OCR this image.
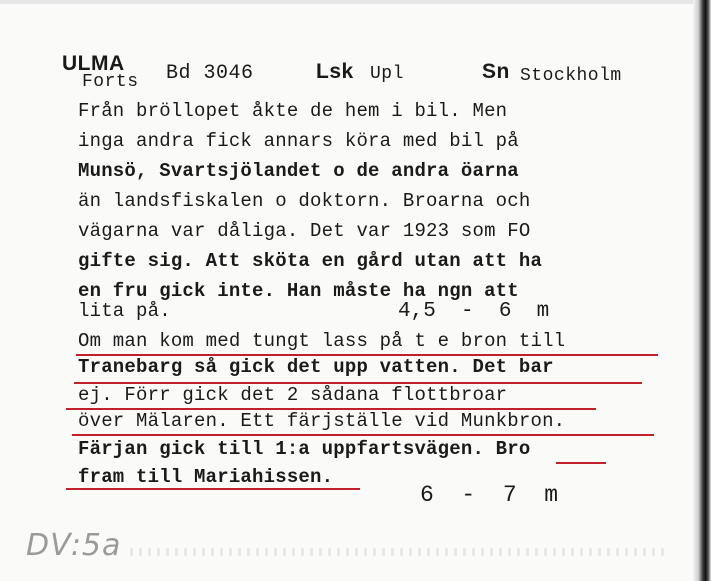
ULMA
Forts Bd 3046	Lsk Upl	Sn Stockholm
Från bröllopet åkte de hem i bil. Men
inga andra fick annars köra med bil på
Munsö, Svartsjölandet o de andra öarna
än landsfiskalen o doktorn. Broarna och
vägarna var dåliga. Det var 1923 som FO
gifte sig. Att sköta en gård utan att ha
en fru gick inte. Han måste ha ngn att
lita på.	4,5  -  6  m
Om man kom med tungt lass på t e bron till
Tranebarg så gick det upp vatten. Det bar
ej. Förr gick det 2 sådana flottbroar
över Mälaren. Ett färjställe vid Munkbron.
Färjan gick till 1:a uppfartsvägen. Bro
fram till Mariahissen.
6  -  7  m
DV:5a
